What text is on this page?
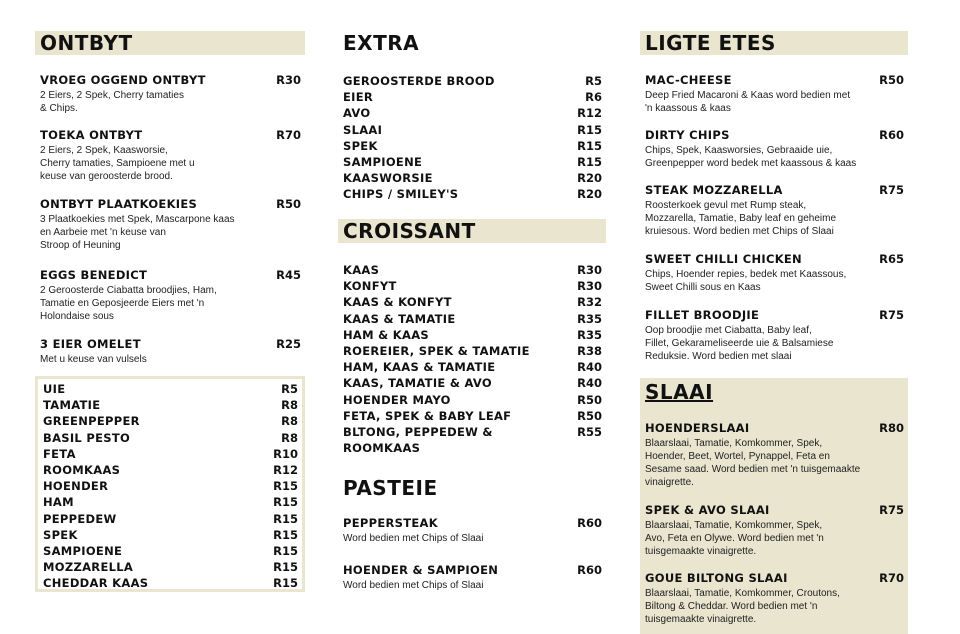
ONTBYT
VROEG OGGEND ONTBYT	R30
2 Eiers, 2 Spek, Cherry tamaties
& Chips.
TOEKA ONTBYT	R70
2 Eiers, 2 Spek, Kaasworsie,
Cherry tamaties, Sampioene met u
keuse van geroosterde brood.
ONTBYT PLAATKOEKIES	R50
3 Plaatkoekies met Spek, Mascarpone kaas
en Aarbeie met 'n keuse van
Stroop of Heuning
EGGS BENEDICT	R45
2 Geroosterde Ciabatta broodjies, Ham,
Tamatie en Geposjeerde Eiers met 'n
Holondaise sous
3 EIER OMELET	R25
Met u keuse van vulsels
UIE	R5
TAMATIE	R8
GREENPEPPER	R8
BASIL PESTO	R8
FETA	R10
ROOMKAAS	R12
HOENDER	R15
HAM	R15
PEPPEDEW	R15
SPEK	R15
SAMPIOENE	R15
MOZZARELLA	R15
CHEDDAR KAAS	R15
EXTRA
GEROOSTERDE BROOD	R5
EIER	R6
AVO	R12
SLAAI	R15
SPEK	R15
SAMPIOENE	R15
KAASWORSIE	R20
CHIPS / SMILEY'S	R20
CROISSANT
KAAS	R30
KONFYT	R30
KAAS & KONFYT	R32
KAAS & TAMATIE	R35
HAM & KAAS	R35
ROEREIER, SPEK & TAMATIE	R38
HAM, KAAS & TAMATIE	R40
KAAS, TAMATIE & AVO	R40
HOENDER MAYO	R50
FETA, SPEK & BABY LEAF	R50
BLTONG, PEPPEDEW &	R55
ROOMKAAS
PASTEIE
PEPPERSTEAK	R60
Word bedien met Chips of Slaai
HOENDER & SAMPIOEN	R60
Word bedien met Chips of Slaai
LIGTE ETES
MAC-CHEESE	R50
Deep Fried Macaroni & Kaas word bedien met
'n kaassous & kaas
DIRTY CHIPS	R60
Chips, Spek, Kaasworsies, Gebraaide uie,
Greenpepper word bedek met kaassous & kaas
STEAK MOZZARELLA	R75
Roosterkoek gevul met Rump steak,
Mozzarella, Tamatie, Baby leaf en geheime
kruiesous. Word bedien met Chips of Slaai
SWEET CHILLI CHICKEN	R65
Chips, Hoender repies, bedek met Kaassous,
Sweet Chilli sous en Kaas
FILLET BROODJIE	R75
Oop broodjie met Ciabatta, Baby leaf,
Fillet, Gekarameliseerde uie & Balsamiese
Reduksie. Word bedien met slaai
SLAAI
HOENDERSLAAI	R80
Blaarslaai, Tamatie, Komkommer, Spek,
Hoender, Beet, Wortel, Pynappel, Feta en
Sesame saad. Word bedien met 'n tuisgemaakte
vinaigrette.
SPEK & AVO SLAAI	R75
Blaarslaai, Tamatie, Komkommer, Spek,
Avo, Feta en Olywe. Word bedien met 'n
tuisgemaakte vinaigrette.
GOUE BILTONG SLAAI	R70
Blaarslaai, Tamatie, Komkommer, Croutons,
Biltong & Cheddar. Word bedien met 'n
tuisgemaakte vinaigrette.
